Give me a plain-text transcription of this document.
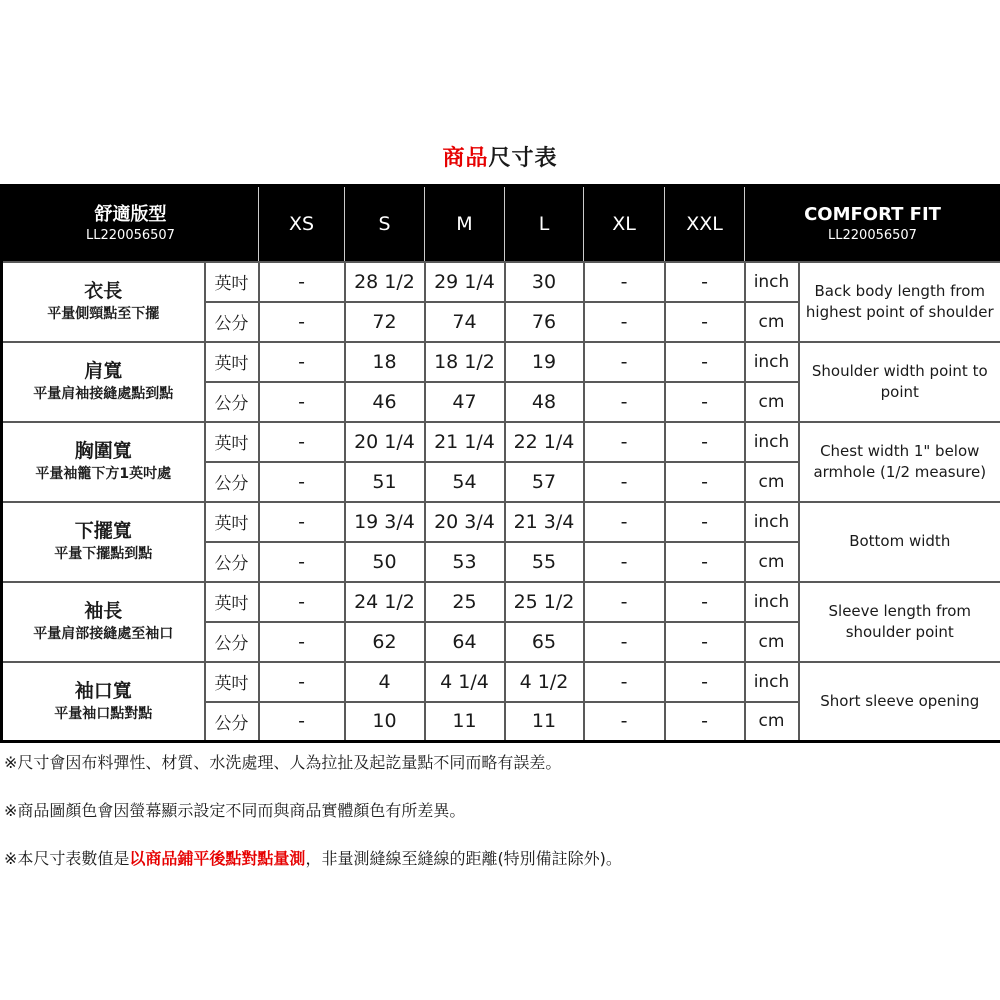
商品尺寸表
舒適版型
LL220056507
	XS	S	M	L	XL	XXL	COMFORT FIT
LL220056507

衣長
平量側頸點至下擺	英吋	-	28 1/2	29 1/4	30	-	-	inch	Back body length from highest point of shoulder
	公分	-	72	74	76	-	-	cm	

肩寬
平量肩袖接縫處點到點	英吋	-	18	18 1/2	19	-	-	inch	Shoulder width point to point
	公分	-	46	47	48	-	-	cm	

胸圍寬
平量袖籠下方1英吋處	英吋	-	20 1/4	21 1/4	22 1/4	-	-	inch	Chest width 1" below armhole (1/2 measure)
	公分	-	51	54	57	-	-	cm	

下擺寬
平量下擺點到點	英吋	-	19 3/4	20 3/4	21 3/4	-	-	inch	Bottom width
	公分	-	50	53	55	-	-	cm	

袖長
平量肩部接縫處至袖口	英吋	-	24 1/2	25	25 1/2	-	-	inch	Sleeve length from shoulder point
	公分	-	62	64	65	-	-	cm	

袖口寬
平量袖口點對點	英吋	-	4	4 1/4	4 1/2	-	-	inch	Short sleeve opening
	公分	-	10	11	11	-	-	cm	

※尺寸會因布料彈性、材質、水洗處理、人為拉扯及起訖量點不同而略有誤差。

※商品圖顏色會因螢幕顯示設定不同而與商品實體顏色有所差異。

※本尺寸表數值是以商品鋪平後點對點量測，非量測縫線至縫線的距離(特別備註除外)。
